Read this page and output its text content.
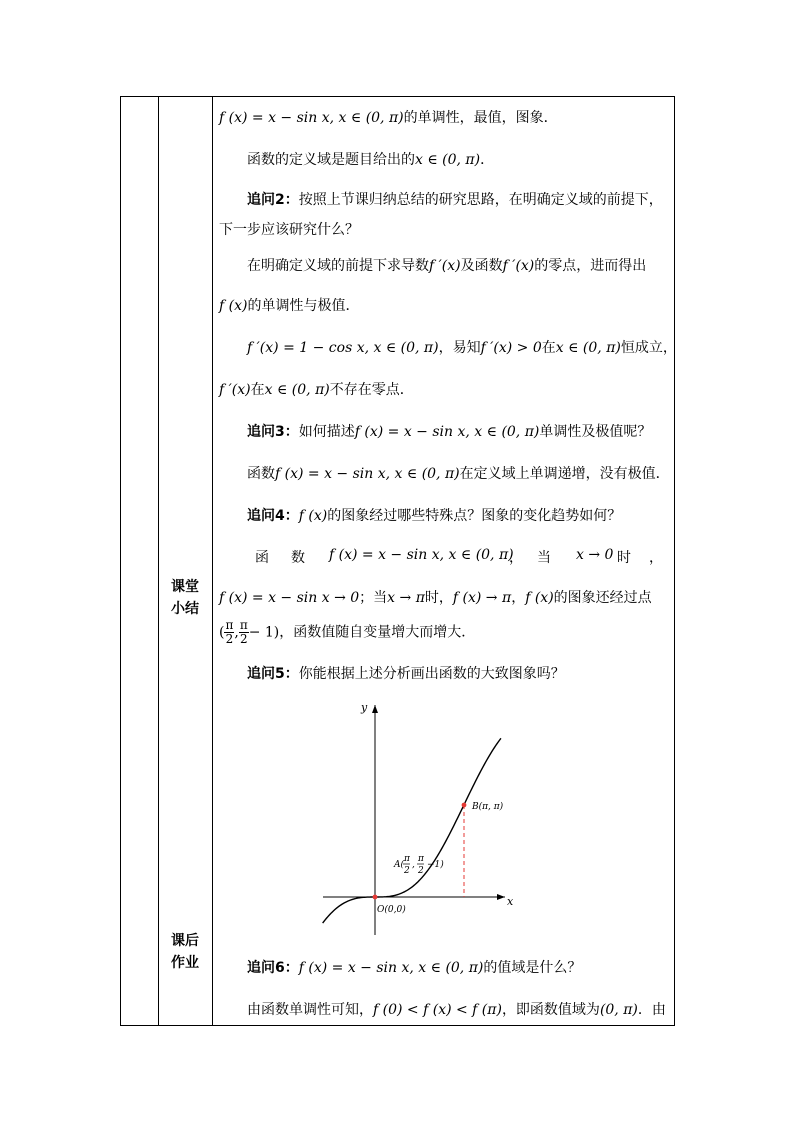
课堂
小结
课后
作业
f (x) = x − sin x, x ∈ (0, π)的单调性，最值，图象．
函数的定义域是题目给出的x ∈ (0, π)．
追问2：按照上节课归纳总结的研究思路，在明确定义域的前提下，
下一步应该研究什么？
在明确定义域的前提下求导数f ′(x)及函数f ′(x)的零点，进而得出
f (x)的单调性与极值．
f ′(x) = 1 − cos x, x ∈ (0, π)，易知f ′(x) > 0在x ∈ (0, π)恒成立，
f ′(x)在x ∈ (0, π)不存在零点．
追问3：如何描述f (x) = x − sin x, x ∈ (0, π)单调性及极值呢？
函数f (x) = x − sin x, x ∈ (0, π)在定义域上单调递增，没有极值．
追问4：f (x)的图象经过哪些特殊点？图象的变化趋势如何？
函 数 f (x) = x − sin x, x ∈ (0, π)
， 当 x → 0 时 ，
f (x) = x − sin x → 0；当x → π时，f (x) → π，f (x)的图象还经过点
( $\frac{\pi}{2}$ , $\frac{\pi}{2} - 1$)，函数值随自变量增大而增大．
追问5：你能根据上述分析画出函数的大致图象吗？
y
x
O(0,0)
B(π, π)
A(
π
2
,
π
2
−1)
追问6：f (x) = x − sin x, x ∈ (0, π)的值域是什么？
由函数单调性可知，f (0) < f (x) < f (π)，即函数值域为(0, π)．由
